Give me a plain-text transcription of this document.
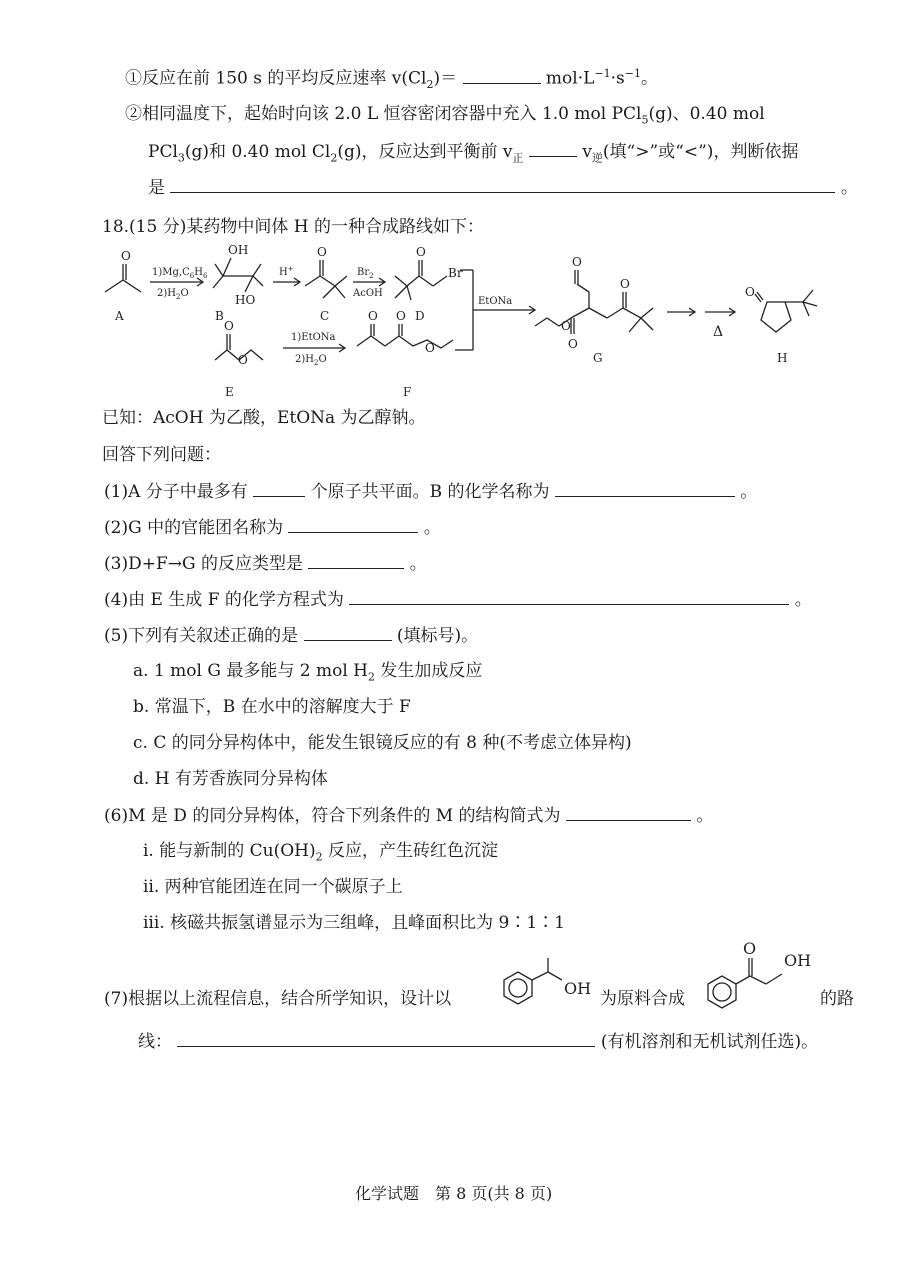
①反应在前 150 s 的平均反应速率 $v(Cl_2)=$	$mol\cdot L^{-1}\cdot s^{-1}$。
②相同温度下，起始时向该 2.0 L 恒容密闭容器中充入 1.0 mol PCl$_5$(g)、0.40 mol
PCl$_3$(g)和 0.40 mol $Cl_2(g)$，反应达到平衡前 $v_正$	$v_逆$(填“>”或“<”)，判断依据
是	。
18.(15 分)某药物中间体 H 的一种合成路线如下：
O
A
$1)Mg,C_6H_6$
$2)H_2O$
OH
HO
B
H+
O
C
$Br_2$
AcOH
O
Br
D
EtONa
O
O
E
1)EtONa
$2)H_2O$
O O
O
F
O
O
O
O
G
Δ
O
H
已知：AcOH 为乙酸，EtONa 为乙醇钠。
回答下列问题：
(1)A 分子中最多有	个原子共平面。B 的化学名称为	。
(2)G 中的官能团名称为	。
(3)D+F→G 的反应类型是	。
(4)由 E 生成 F 的化学方程式为	。
(5)下列有关叙述正确的是	(填标号)。
a. 1 mol G 最多能与 2 mol $H_2$ 发生加成反应
b. 常温下，B 在水中的溶解度大于 F
c. C 的同分异构体中，能发生银镜反应的有 8 种(不考虑立体异构)
d. H 有芳香族同分异构体
(6)M 是 D 的同分异构体，符合下列条件的 M 的结构简式为	。
ⅰ. 能与新制的 $Cu(OH)_2$ 反应，产生砖红色沉淀
ⅱ. 两种官能团连在同一个碳原子上
ⅲ. 核磁共振氢谱显示为三组峰，且峰面积比为 9∶1∶1
(7)根据以上流程信息，结合所学知识，设计以
OH
为原料合成
O
OH
的路
线：	(有机溶剂和无机试剂任选)。
化学试题　第 8 页(共 8 页)
